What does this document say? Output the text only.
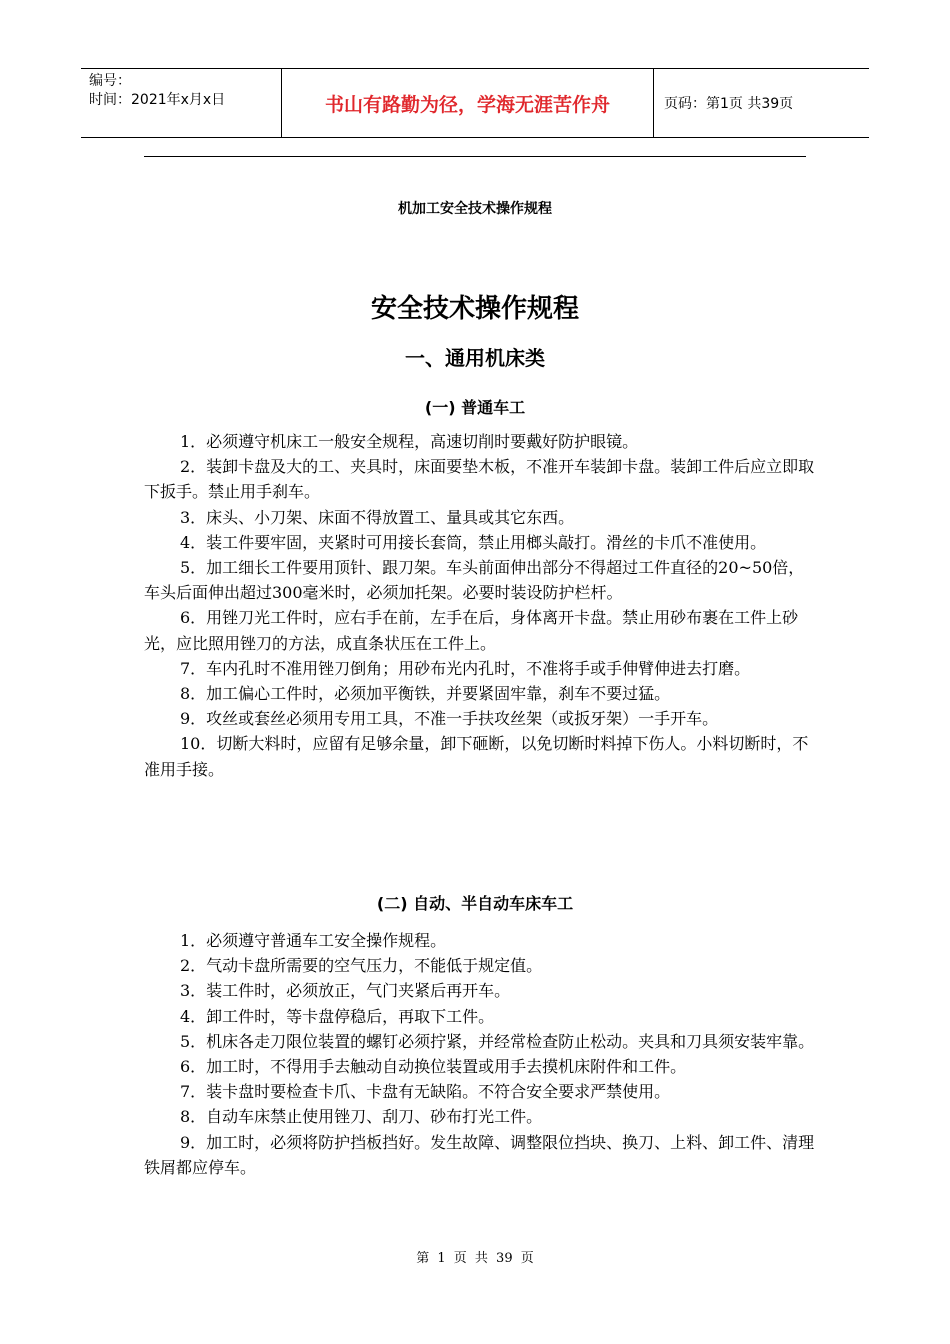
编号：
时间：2021年x月x日	书山有路勤为径，学海无涯苦作舟	页码：第1页 共39页
机加工安全技术操作规程
安全技术操作规程
一、通用机床类
(一) 普通车工

1．必须遵守机床工一般安全规程，高速切削时要戴好防护眼镜。

2．装卸卡盘及大的工、夹具时，床面要垫木板，不准开车装卸卡盘。装卸工件后应立即取下扳手。禁止用手刹车。

3．床头、小刀架、床面不得放置工、量具或其它东西。

4．装工件要牢固，夹紧时可用接长套筒，禁止用榔头敲打。滑丝的卡爪不准使用。

5．加工细长工件要用顶针、跟刀架。车头前面伸出部分不得超过工件直径的20~50倍，车头后面伸出超过300毫米时，必须加托架。必要时装设防护栏杆。

6．用锉刀光工件时，应右手在前，左手在后，身体离开卡盘。禁止用砂布裹在工件上砂光，应比照用锉刀的方法，成直条状压在工件上。

7．车内孔时不准用锉刀倒角；用砂布光内孔时，不准将手或手伸臂伸进去打磨。

8．加工偏心工件时，必须加平衡铁，并要紧固牢靠，刹车不要过猛。

9．攻丝或套丝必须用专用工具，不准一手扶攻丝架（或扳牙架）一手开车。

10．切断大料时，应留有足够余量，卸下砸断，以免切断时料掉下伤人。小料切断时，不准用手接。

(二) 自动、半自动车床车工

1．必须遵守普通车工安全操作规程。

2．气动卡盘所需要的空气压力，不能低于规定值。

3．装工件时，必须放正，气门夹紧后再开车。

4．卸工件时，等卡盘停稳后，再取下工件。

5．机床各走刀限位装置的螺钉必须拧紧，并经常检查防止松动。夹具和刀具须安装牢靠。

6．加工时，不得用手去触动自动换位装置或用手去摸机床附件和工件。

7．装卡盘时要检查卡爪、卡盘有无缺陷。不符合安全要求严禁使用。

8．自动车床禁止使用锉刀、刮刀、砂布打光工件。

9．加工时，必须将防护挡板挡好。发生故障、调整限位挡块、换刀、上料、卸工件、清理铁屑都应停车。

第 1 页 共 39 页
